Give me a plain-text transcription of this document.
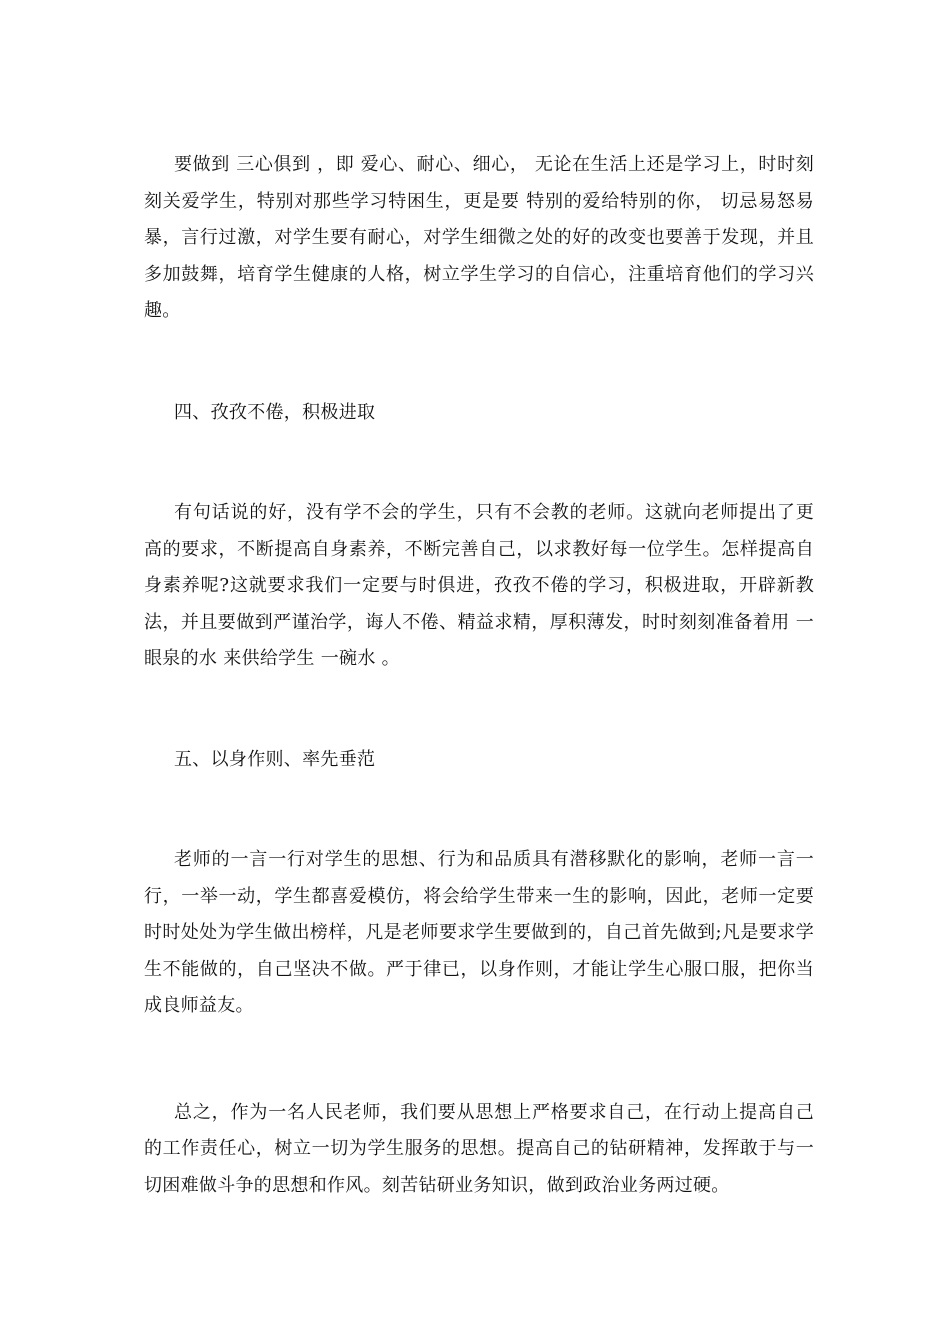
要做到 三心俱到 ，即 爱心、耐心、细心， 无论在生活上还是学习上，时时刻刻关爱学生，特别对那些学习特困生，更是要 特别的爱给特别的你， 切忌易怒易暴，言行过激，对学生要有耐心，对学生细微之处的好的改变也要善于发现，并且多加鼓舞，培育学生健康的人格，树立学生学习的自信心，注重培育他们的学习兴趣。

四、孜孜不倦，积极进取

有句话说的好，没有学不会的学生，只有不会教的老师。这就向老师提出了更高的要求，不断提高自身素养，不断完善自己，以求教好每一位学生。怎样提高自身素养呢?这就要求我们一定要与时俱进，孜孜不倦的学习，积极进取，开辟新教法，并且要做到严谨治学，诲人不倦、精益求精，厚积薄发，时时刻刻准备着用 一眼泉的水 来供给学生 一碗水 。

五、以身作则、率先垂范

老师的一言一行对学生的思想、行为和品质具有潜移默化的影响，老师一言一行，一举一动，学生都喜爱模仿，将会给学生带来一生的影响，因此，老师一定要时时处处为学生做出榜样，凡是老师要求学生要做到的，自己首先做到;凡是要求学生不能做的，自己坚决不做。严于律已，以身作则，才能让学生心服口服，把你当成良师益友。

总之，作为一名人民老师，我们要从思想上严格要求自己，在行动上提高自己的工作责任心，树立一切为学生服务的思想。提高自己的钻研精神，发挥敢于与一切困难做斗争的思想和作风。刻苦钻研业务知识，做到政治业务两过硬。
